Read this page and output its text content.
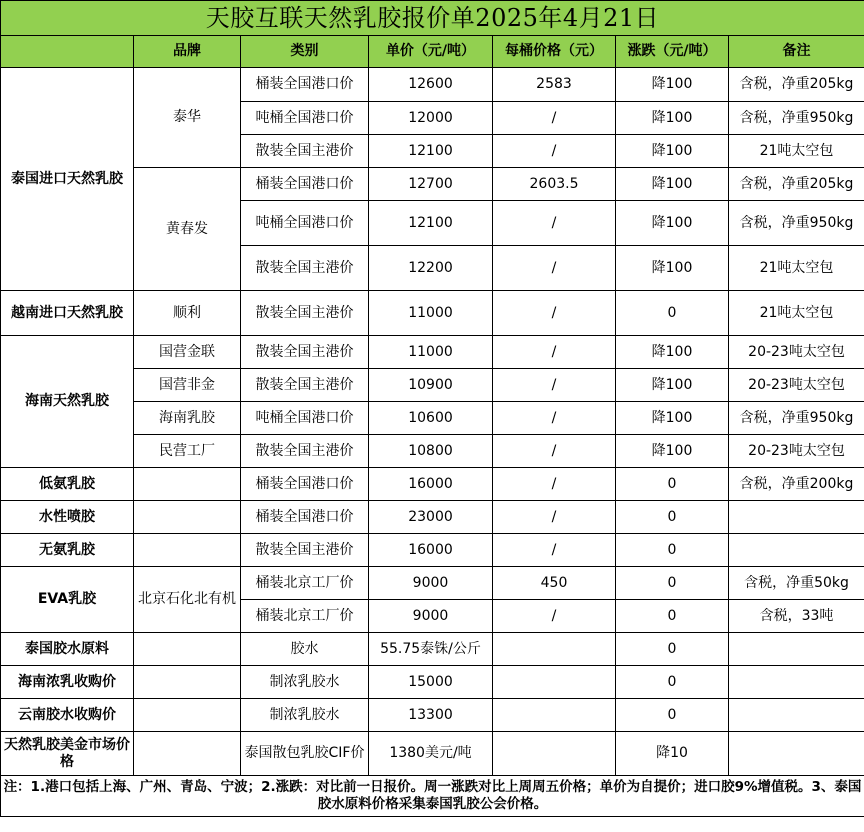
天胶互联天然乳胶报价单2025年4月21日						
	品牌	类别	单价（元/吨）	每桶价格（元）	涨跌（元/吨）	备注
泰国进口天然乳胶	泰华	桶装全国港口价	12600	2583	降100	含税，净重205kg
		吨桶全国港口价	12000	/	降100	含税，净重950kg
		散装全国主港价	12100	/	降100	21吨太空包
	黄春发	桶装全国港口价	12700	2603.5	降100	含税，净重205kg
		吨桶全国港口价	12100	/	降100	含税，净重950kg
		散装全国主港价	12200	/	降100	21吨太空包
越南进口天然乳胶	顺利	散装全国主港价	11000	/	0	21吨太空包
海南天然乳胶	国营金联	散装全国主港价	11000	/	降100	20-23吨太空包
	国营非金	散装全国主港价	10900	/	降100	20-23吨太空包
	海南乳胶	吨桶全国港口价	10600	/	降100	含税，净重950kg
	民营工厂	散装全国主港价	10800	/	降100	20-23吨太空包
低氨乳胶		桶装全国港口价	16000	/	0	含税，净重200kg
水性喷胶		桶装全国港口价	23000	/	0	
无氨乳胶		散装全国主港价	16000	/	0	
EVA乳胶	北京石化北有机	桶装北京工厂价	9000	450	0	含税，净重50kg
		桶装北京工厂价	9000	/	0	含税，33吨
泰国胶水原料		胶水	55.75泰铢/公斤		0	
海南浓乳收购价		制浓乳胶水	15000		0	
云南胶水收购价		制浓乳胶水	13300		0	
天然乳胶美金市场价格		泰国散包乳胶CIF价	1380美元/吨		降10	
注：1.港口包括上海、广州、青岛、宁波；2.涨跌：对比前一日报价。周一涨跌对比上周周五价格；单价为自提价；进口胶9%增值税。3、泰国胶水原料价格采集泰国乳胶公会价格。						
